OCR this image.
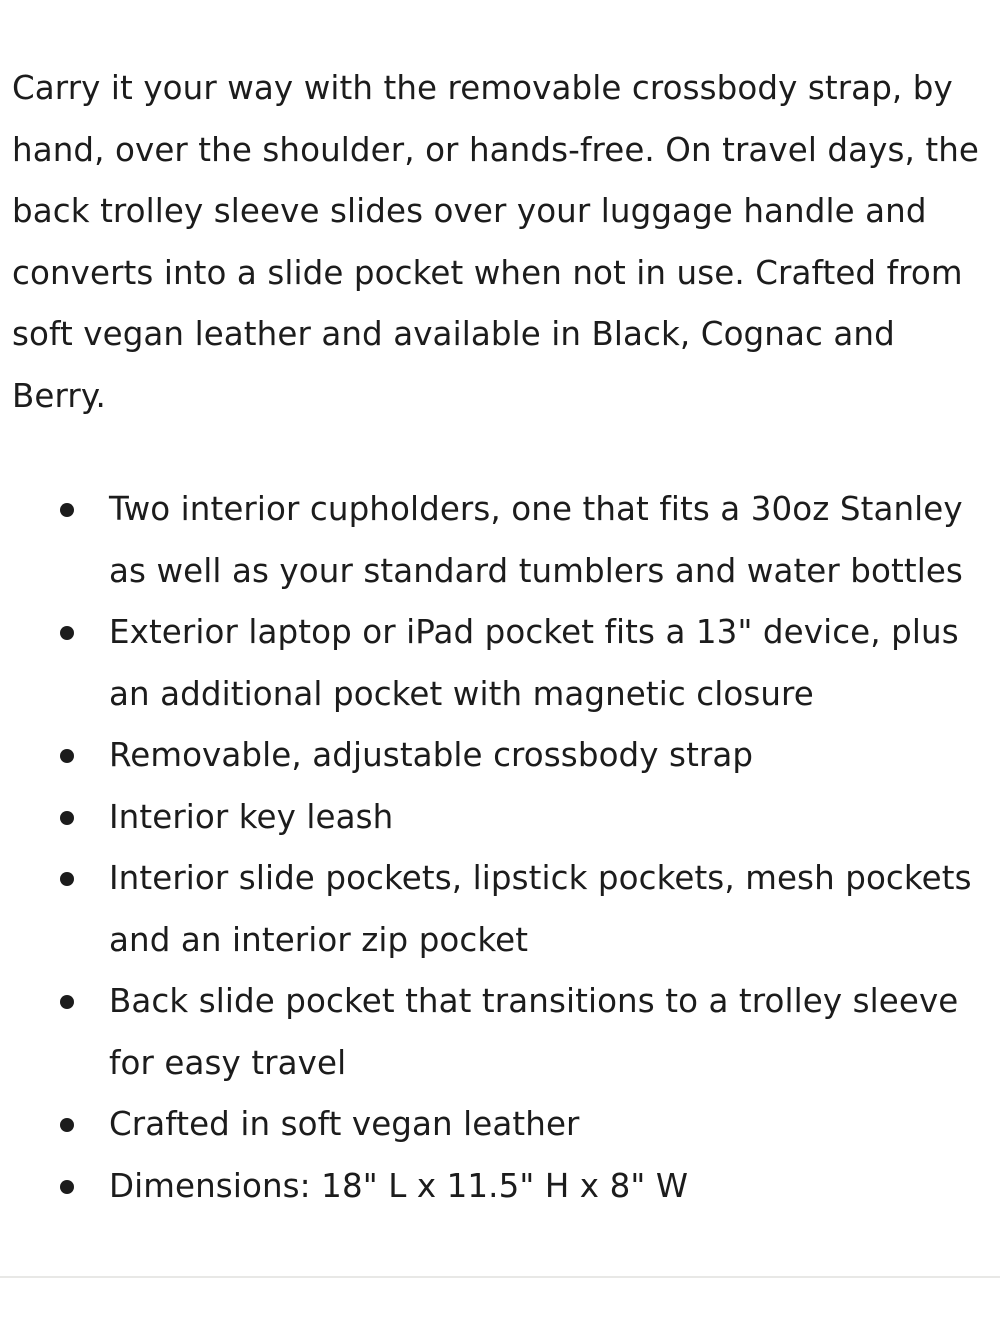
Carry it your way with the removable crossbody strap, by hand, over the shoulder, or hands-free. On travel days, the back trolley sleeve slides over your luggage handle and converts into a slide pocket when not in use. Crafted from soft vegan leather and available in Black, Cognac and Berry.

Two interior cupholders, one that fits a 30oz Stanley as well as your standard tumblers and water bottles
Exterior laptop or iPad pocket fits a 13" device, plus an additional pocket with magnetic closure
Removable, adjustable crossbody strap
Interior key leash
Interior slide pockets, lipstick pockets, mesh pockets and an interior zip pocket
Back slide pocket that transitions to a trolley sleeve for easy travel
Crafted in soft vegan leather
Dimensions: 18" L x 11.5" H x 8" W
